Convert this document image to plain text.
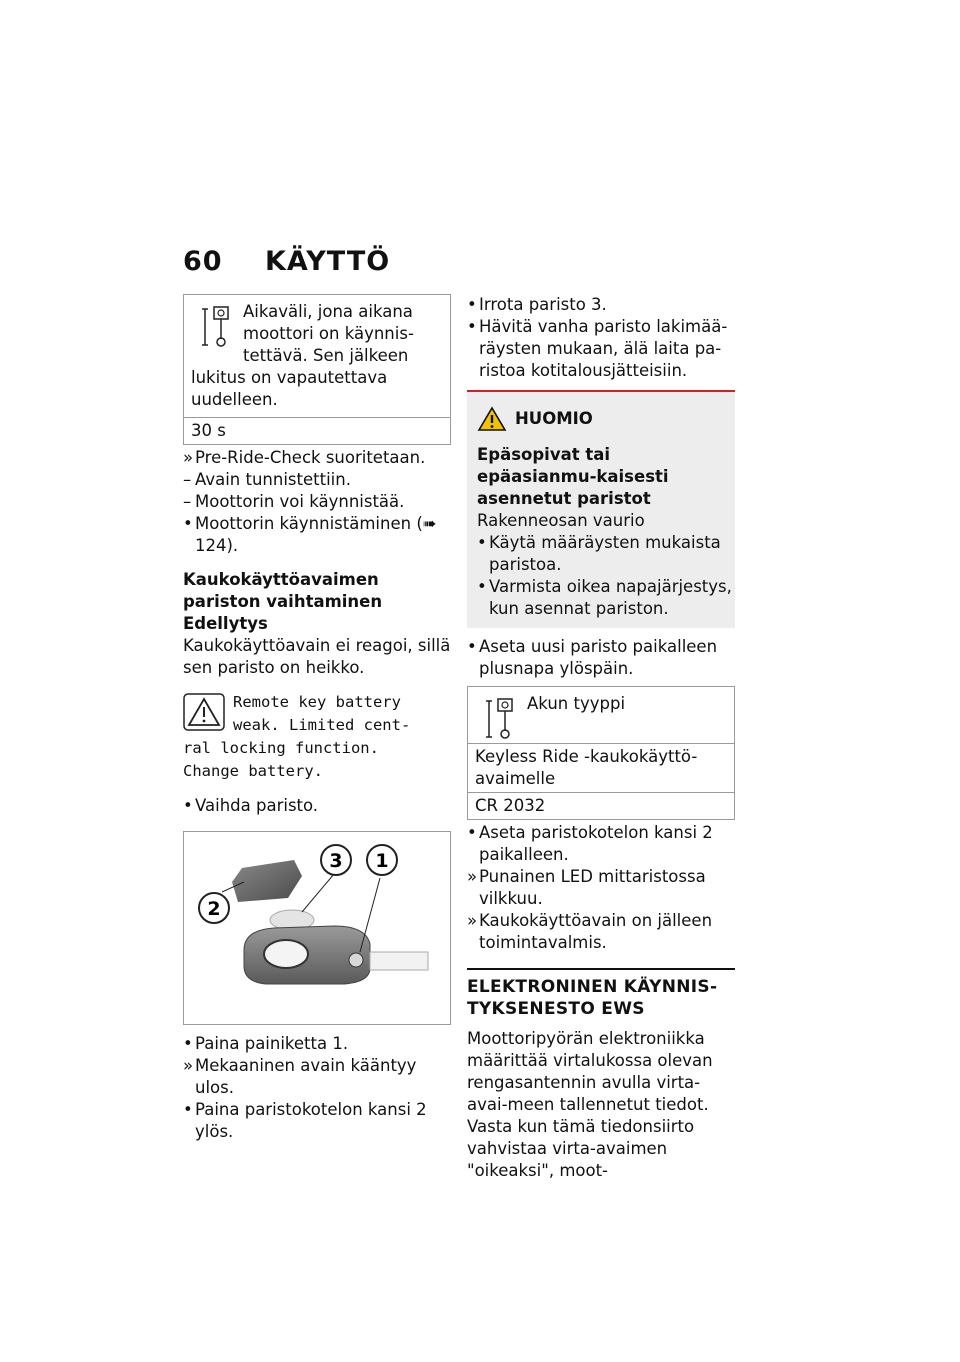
60 KÄYTTÖ
Aikaväli, jona aikana
moottori on käynnis-
tettävä. Sen jälkeen lukitus on vapautettava uudelleen.
30 s
» Pre-Ride-Check suoritetaan.
– Avain tunnistettiin.
– Moottorin voi käynnistää.
• Moottorin käynnistäminen (➠ 124).
Kaukokäyttöavaimen pariston vaihtaminen
Edellytys
Kaukokäyttöavain ei reagoi, sillä sen paristo on heikko.
Remote key battery
weak. Limited cent-
ral locking function.
Change battery.
• Vaihda paristo.
2
3 1
• Paina painiketta 1.
» Mekaaninen avain kääntyy ulos.
• Paina paristokotelon kansi 2 ylös.
• Irrota paristo 3.
• Hävitä vanha paristo lakimää-räysten mukaan, älä laita pa-ristoa kotitalousjätteisiin.
HUOMIO
Epäsopivat tai epäasianmu-kaisesti asennetut paristot
Rakenneosan vaurio
• Käytä määräysten mukaista paristoa.
• Varmista oikea napajärjestys, kun asennat pariston.
• Aseta uusi paristo paikalleen plusnapa ylöspäin.
Akun tyyppi
Keyless Ride -kaukokäyttö-avaimelle
CR 2032
• Aseta paristokotelon kansi 2 paikalleen.
» Punainen LED mittaristossa vilkkuu.
» Kaukokäyttöavain on jälleen toimintavalmis.
ELEKTRONINEN KÄYNNIS-TYKSENESTO EWS
Moottoripyörän elektroniikka määrittää virtalukossa olevan rengasantennin avulla virta-avai-meen tallennetut tiedot. Vasta kun tämä tiedonsiirto vahvistaa virta-avaimen "oikeaksi", moot-
